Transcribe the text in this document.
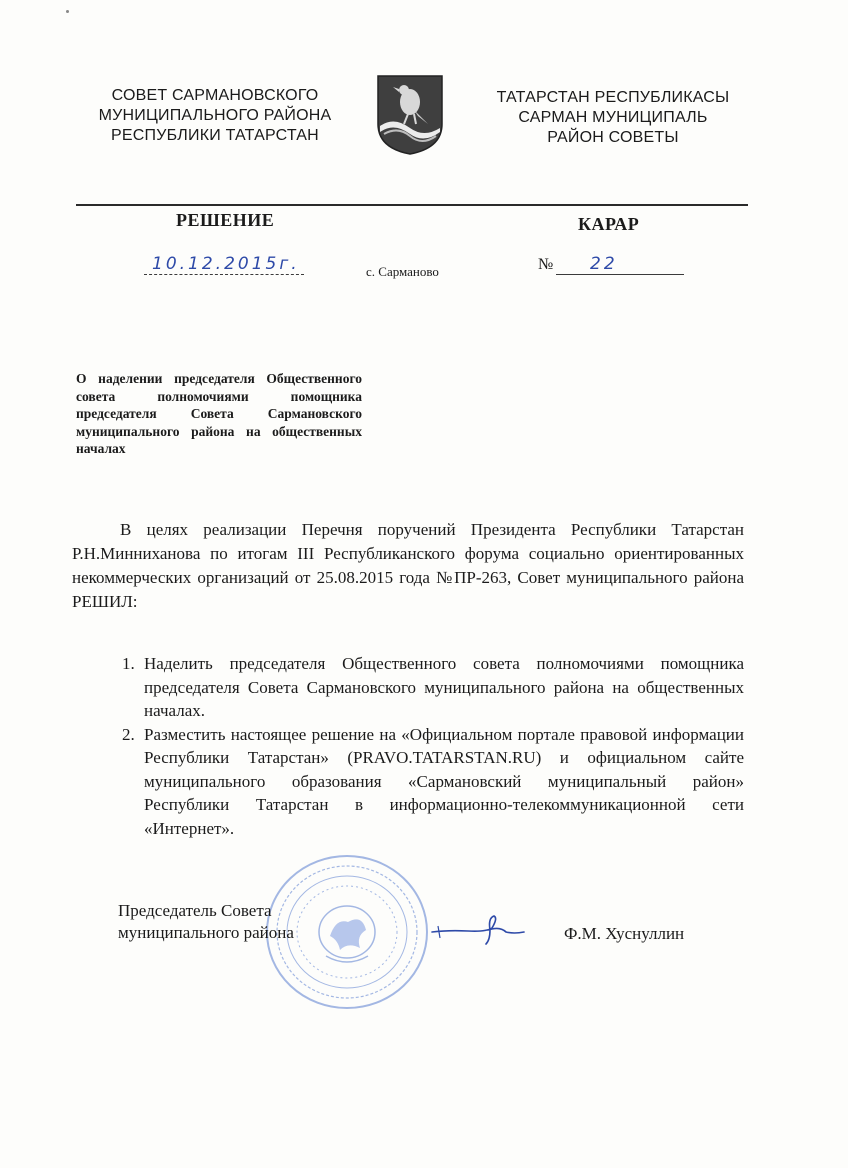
СОВЕТ САРМАНОВСКОГО
МУНИЦИПАЛЬНОГО РАЙОНА
РЕСПУБЛИКИ ТАТАРСТАН
ТАТАРСТАН РЕСПУБЛИКАСЫ
САРМАН МУНИЦИПАЛЬ
РАЙОН СОВЕТЫ
РЕШЕНИЕ	КАРАР
10.12.2015г.	с. Сарманово	№ 22
О наделении председателя Общественного совета полномочиями помощника председателя Совета Сармановского муниципального района на общественных началах
В целях реализации Перечня поручений Президента Республики Татарстан Р.Н.Минниханова по итогам III Республиканского форума социально ориентированных некоммерческих организаций от 25.08.2015 года №ПР-263, Совет муниципального района РЕШИЛ:
1. Наделить председателя Общественного совета полномочиями помощника председателя Совета Сармановского муниципального района на общественных началах.
2. Разместить настоящее решение на «Официальном портале правовой информации Республики Татарстан» (PRAVO.TATARSTAN.RU) и официальном сайте муниципального образования «Сармановский муниципальный район» Республики Татарстан в информационно-телекоммуникационной сети «Интернет».
Председатель Совета
муниципального района	Ф.М. Хуснуллин
